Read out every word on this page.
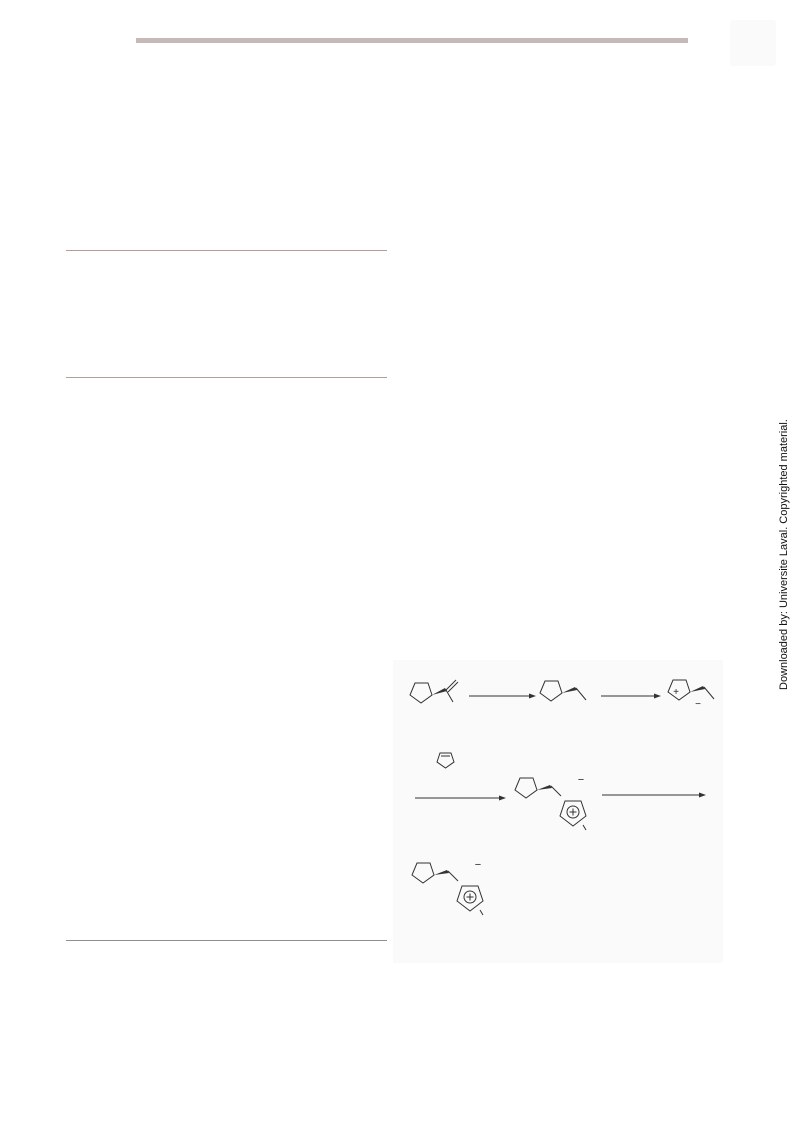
Downloaded by: Universite Laval. Copyrighted material.
+
−
−
−
